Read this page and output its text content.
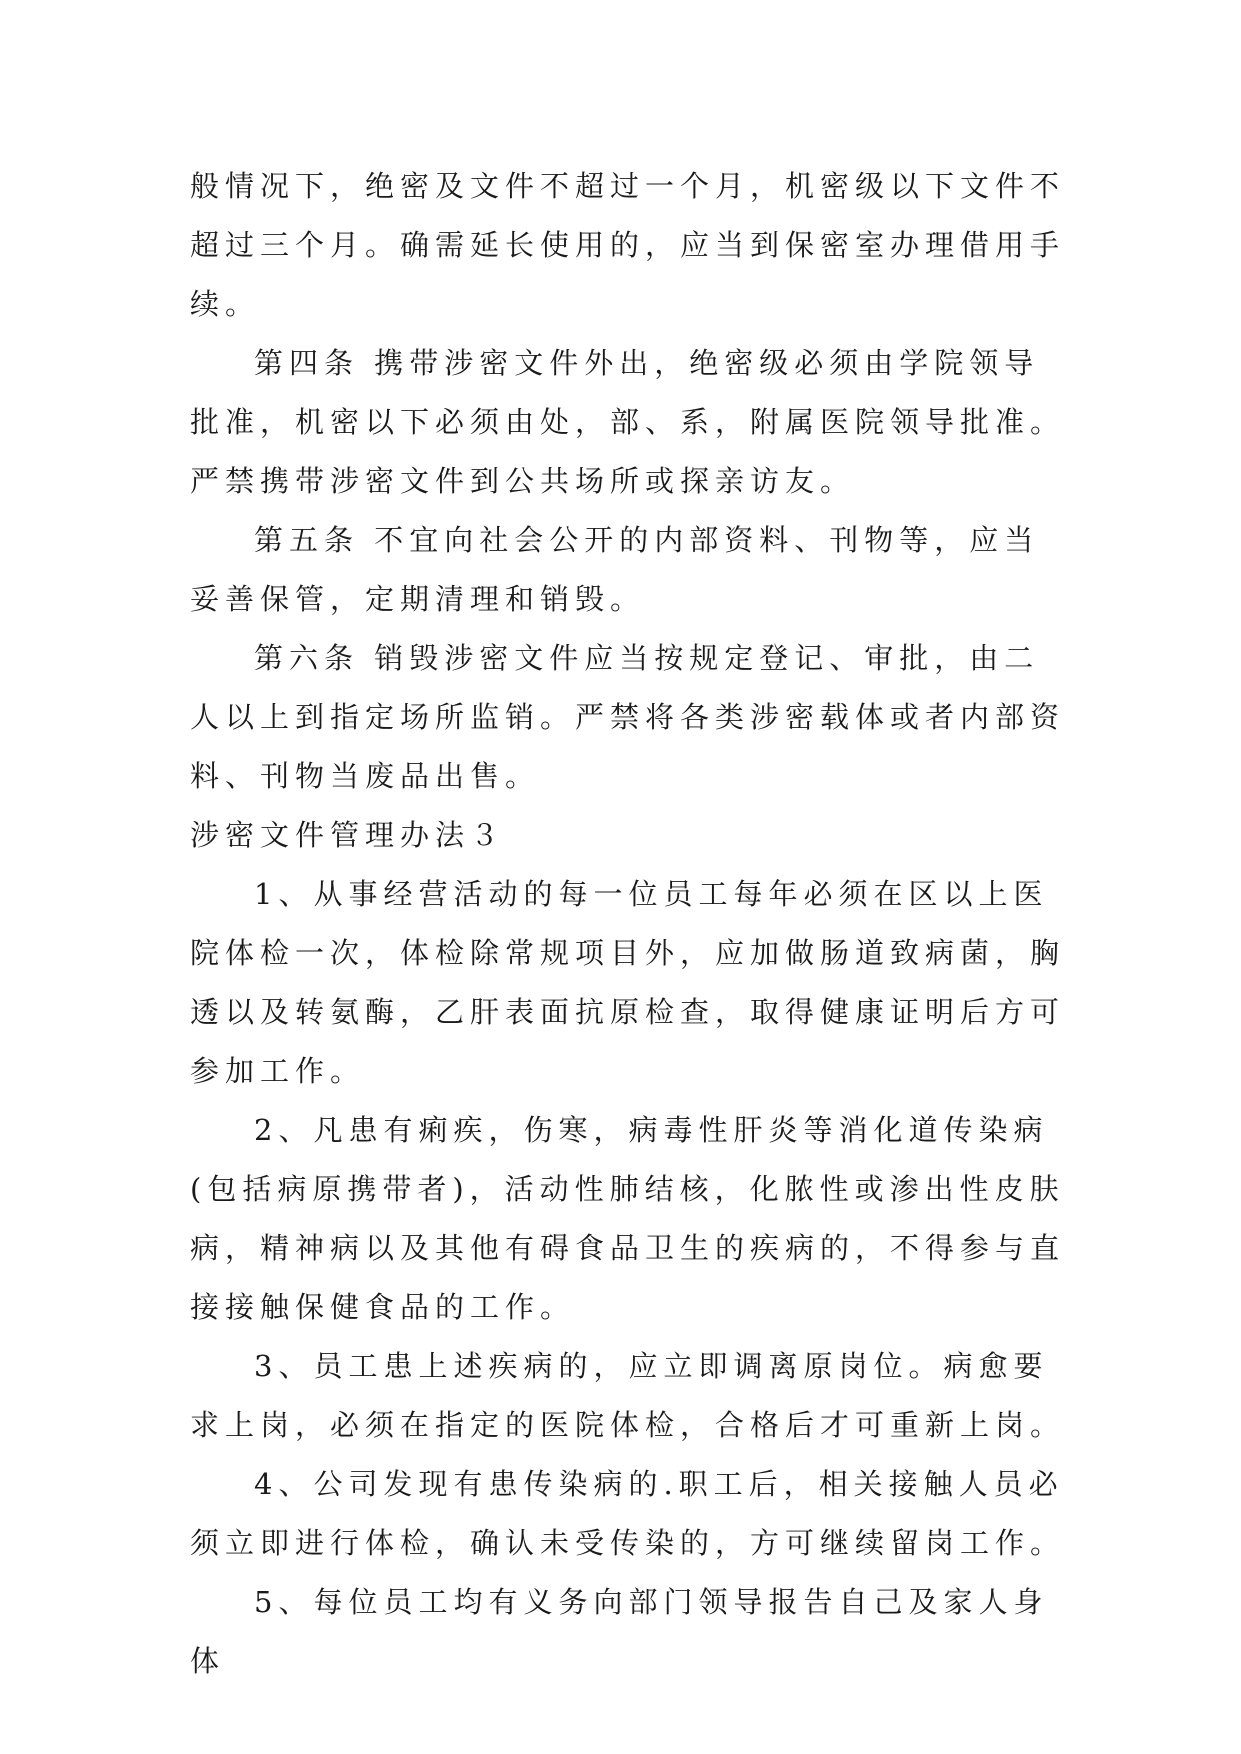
般情况下，绝密及文件不超过一个月，机密级以下文件不超过三个月。确需延长使用的，应当到保密室办理借用手续。

第四条 携带涉密文件外出，绝密级必须由学院领导批准，机密以下必须由处，部、系，附属医院领导批准。严禁携带涉密文件到公共场所或探亲访友。

第五条 不宜向社会公开的内部资料、刊物等，应当妥善保管，定期清理和销毁。

第六条 销毁涉密文件应当按规定登记、审批，由二人以上到指定场所监销。严禁将各类涉密载体或者内部资料、刊物当废品出售。

涉密文件管理办法３

1、从事经营活动的每一位员工每年必须在区以上医院体检一次，体检除常规项目外，应加做肠道致病菌，胸透以及转氨酶，乙肝表面抗原检查，取得健康证明后方可参加工作。

2、凡患有痢疾，伤寒，病毒性肝炎等消化道传染病(包括病原携带者)，活动性肺结核，化脓性或渗出性皮肤病，精神病以及其他有碍食品卫生的疾病的，不得参与直接接触保健食品的工作。

3、员工患上述疾病的，应立即调离原岗位。病愈要求上岗，必须在指定的医院体检，合格后才可重新上岗。

4、公司发现有患传染病的.职工后，相关接触人员必须立即进行体检，确认未受传染的，方可继续留岗工作。

5、每位员工均有义务向部门领导报告自己及家人身体
